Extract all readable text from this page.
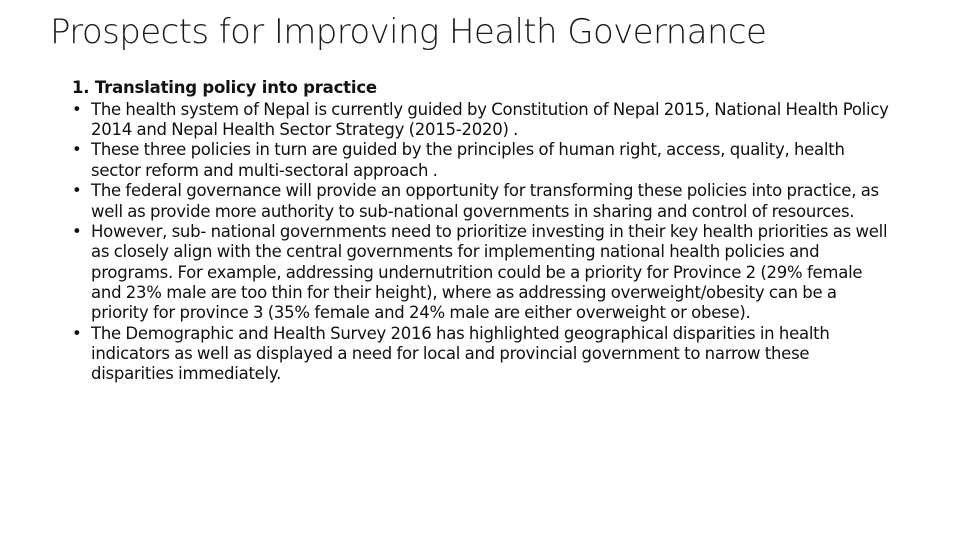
Prospects for Improving Health Governance
1. Translating policy into practice
• The health system of Nepal is currently guided by Constitution of Nepal 2015, National Health Policy 2014 and Nepal Health Sector Strategy (2015-2020) .
• These three policies in turn are guided by the principles of human right, access, quality, health sector reform and multi-sectoral approach .
• The federal governance will provide an opportunity for transforming these policies into practice, as well as provide more authority to sub-national governments in sharing and control of resources.
• However, sub- national governments need to prioritize investing in their key health priorities as well as closely align with the central governments for implementing national health policies and programs. For example, addressing undernutrition could be a priority for Province 2 (29% female and 23% male are too thin for their height), where as addressing overweight/obesity can be a priority for province 3 (35% female and 24% male are either overweight or obese).
• The Demographic and Health Survey 2016 has highlighted geographical disparities in health indicators as well as displayed a need for local and provincial government to narrow these disparities immediately.
